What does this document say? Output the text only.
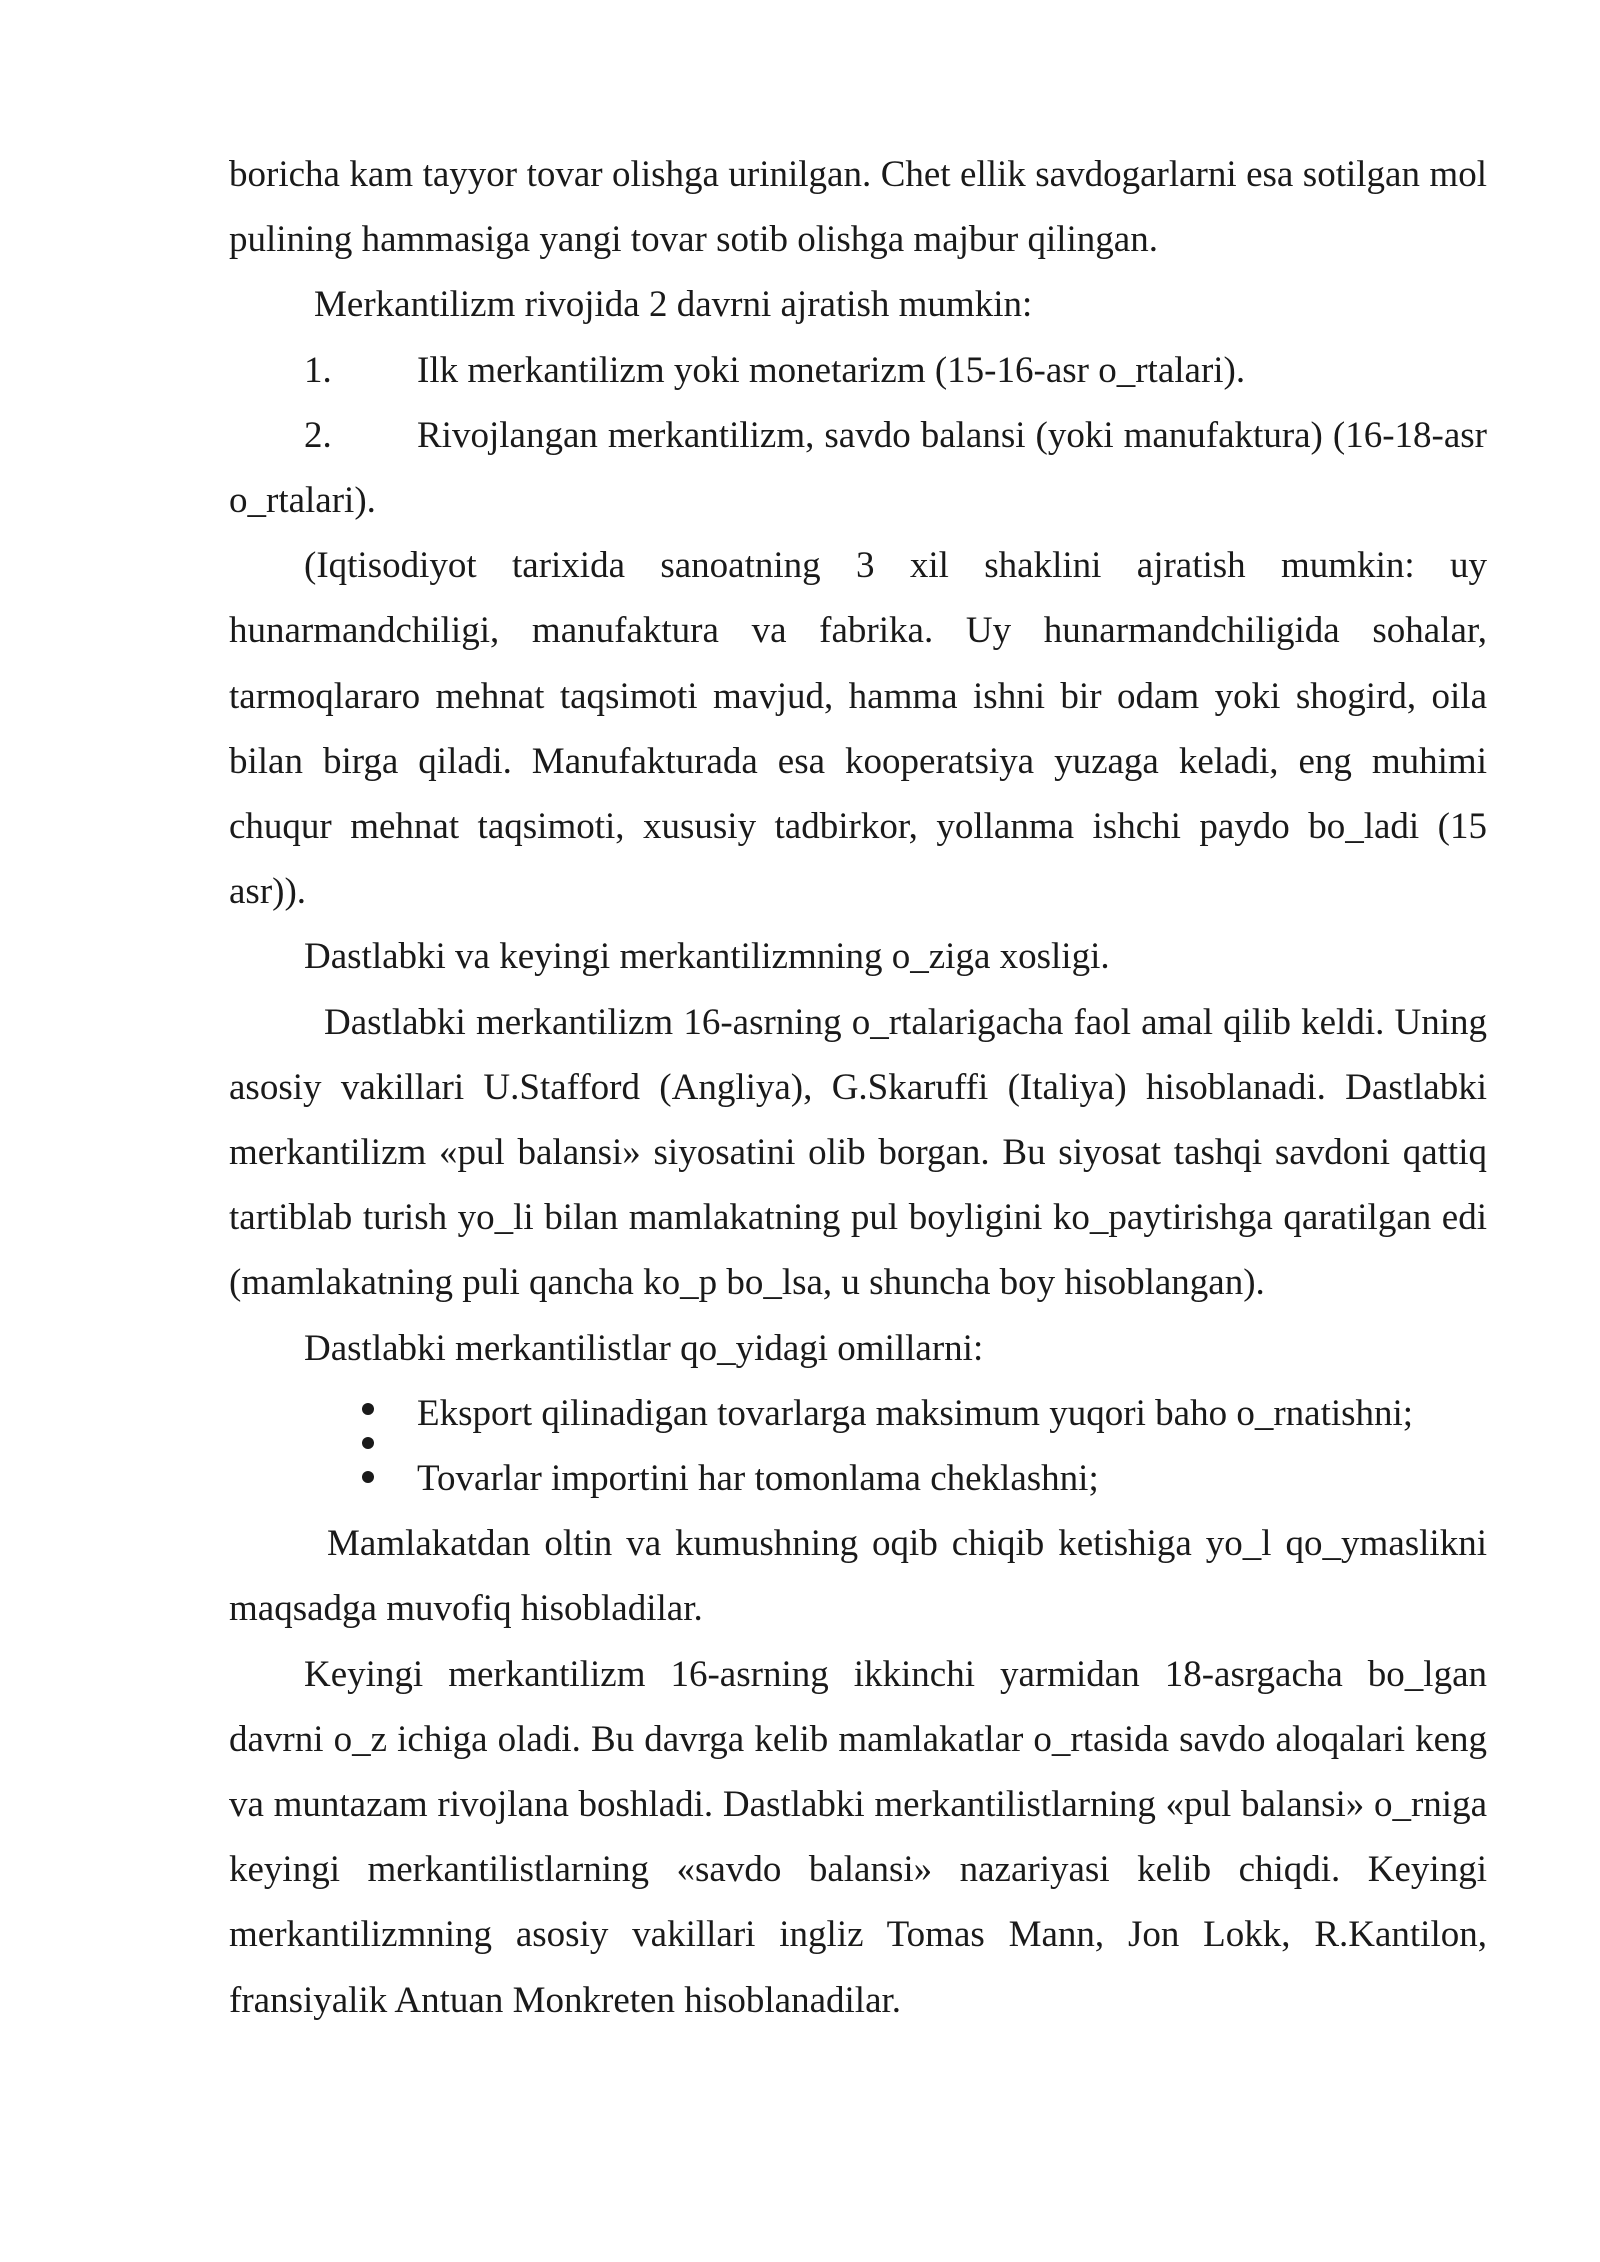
boricha kam tayyor tovar olishga urinilgan. Chet ellik savdogarlarni esa sotilgan mol pulining hammasiga yangi tovar sotib olishga majbur qilingan.

Merkantilizm rivojida 2 davrni ajratish mumkin:

1. Ilk merkantilizm yoki monetarizm (15-16-asr o_rtalari).

2. Rivojlangan merkantilizm, savdo balansi (yoki manufaktura) (16-18-asr o_rtalari).

(Iqtisodiyot tarixida sanoatning 3 xil shaklini ajratish mumkin: uy hunarmandchiligi, manufaktura va fabrika. Uy hunarmandchiligida sohalar, tarmoqlararo mehnat taqsimoti mavjud, hamma ishni bir odam yoki shogird, oila bilan birga qiladi. Manufakturada esa kooperatsiya yuzaga keladi, eng muhimi chuqur mehnat taqsimoti, xususiy tadbirkor, yollanma ishchi paydo bo_ladi (15 asr)).

Dastlabki va keyingi merkantilizmning o_ziga xosligi.

Dastlabki merkantilizm 16-asrning o_rtalarigacha faol amal qilib keldi. Uning asosiy vakillari U.Stafford (Angliya), G.Skaruffi (Italiya) hisoblanadi. Dastlabki merkantilizm «pul balansi» siyosatini olib borgan. Bu siyosat tashqi savdoni qattiq tartiblab turish yo_li bilan mamlakatning pul boyligini ko_paytirishga qaratilgan edi (mamlakatning puli qancha ko_p bo_lsa, u shuncha boy hisoblangan).

Dastlabki merkantilistlar qo_yidagi omillarni:

Eksport qilinadigan tovarlarga maksimum yuqori baho o_rnatishni;

Tovarlar importini har tomonlama cheklashni;

Mamlakatdan oltin va kumushning oqib chiqib ketishiga yo_l qo_ymaslikni maqsadga muvofiq hisobladilar.

Keyingi merkantilizm 16-asrning ikkinchi yarmidan 18-asrgacha bo_lgan davrni o_z ichiga oladi. Bu davrga kelib mamlakatlar o_rtasida savdo aloqalari keng va muntazam rivojlana boshladi. Dastlabki merkantilistlarning «pul balansi» o_rniga keyingi merkantilistlarning «savdo balansi» nazariyasi kelib chiqdi. Keyingi merkantilizmning asosiy vakillari ingliz Tomas Mann, Jon Lokk, R.Kantilon, fransiyalik Antuan Monkreten hisoblanadilar.
